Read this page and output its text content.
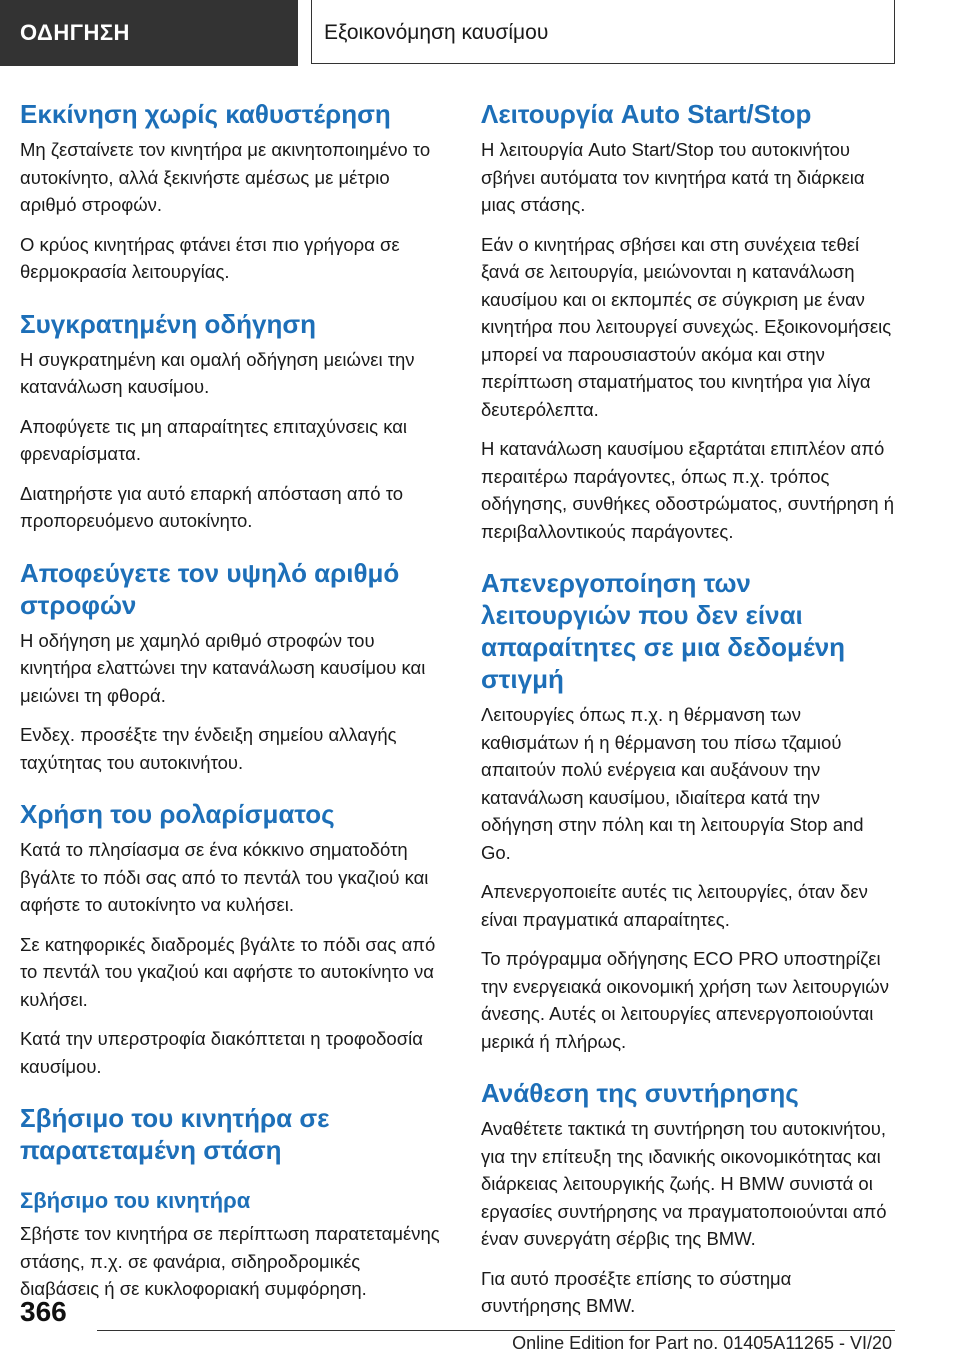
ΟΔΗΓΗΣΗ	Εξοικονόμηση καυσίμου
Εκκίνηση χωρίς καθυστέρηση

Μη ζεσταίνετε τον κινητήρα με ακινητοποιημένο το αυτοκίνητο, αλλά ξεκινήστε αμέσως με μέτριο αριθμό στροφών.

Ο κρύος κινητήρας φτάνει έτσι πιο γρήγορα σε θερμοκρασία λειτουργίας.

Συγκρατημένη οδήγηση

Η συγκρατημένη και ομαλή οδήγηση μειώνει την κατανάλωση καυσίμου.

Αποφύγετε τις μη απαραίτητες επιταχύνσεις και φρεναρίσματα.

Διατηρήστε για αυτό επαρκή απόσταση από το προπορευόμενο αυτοκίνητο.

Αποφεύγετε τον υψηλό αριθμό στροφών

Η οδήγηση με χαμηλό αριθμό στροφών του κινητήρα ελαττώνει την κατανάλωση καυσίμου και μειώνει τη φθορά.

Ενδεχ. προσέξτε την ένδειξη σημείου αλλαγής ταχύτητας του αυτοκινήτου.

Χρήση του ρολαρίσματος

Κατά το πλησίασμα σε ένα κόκκινο σηματοδότη βγάλτε το πόδι σας από το πεντάλ του γκαζιού και αφήστε το αυτοκίνητο να κυλήσει.

Σε κατηφορικές διαδρομές βγάλτε το πόδι σας από το πεντάλ του γκαζιού και αφήστε το αυτοκίνητο να κυλήσει.

Κατά την υπερστροφία διακόπτεται η τροφοδοσία καυσίμου.

Σβήσιμο του κινητήρα σε παρατεταμένη στάση
Σβήσιμο του κινητήρα

Σβήστε τον κινητήρα σε περίπτωση παρατεταμένης στάσης, π.χ. σε φανάρια, σιδηροδρομικές διαβάσεις ή σε κυκλοφοριακή συμφόρηση.

Λειτουργία Auto Start/Stop

Η λειτουργία Auto Start/Stop του αυτοκινήτου σβήνει αυτόματα τον κινητήρα κατά τη διάρκεια μιας στάσης.

Εάν ο κινητήρας σβήσει και στη συνέχεια τεθεί ξανά σε λειτουργία, μειώνονται η κατανάλωση καυσίμου και οι εκπομπές σε σύγκριση με έναν κινητήρα που λειτουργεί συνεχώς. Εξοικονομήσεις μπορεί να παρουσιαστούν ακόμα και στην περίπτωση σταματήματος του κινητήρα για λίγα δευτερόλεπτα.

Η κατανάλωση καυσίμου εξαρτάται επιπλέον από περαιτέρω παράγοντες, όπως π.χ. τρόπος οδήγησης, συνθήκες οδοστρώματος, συντήρηση ή περιβαλλοντικούς παράγοντες.

Απενεργοποίηση των λειτουργιών που δεν είναι απαραίτητες σε μια δεδομένη στιγμή

Λειτουργίες όπως π.χ. η θέρμανση των καθισμάτων ή η θέρμανση του πίσω τζαμιού απαιτούν πολύ ενέργεια και αυξάνουν την κατανάλωση καυσίμου, ιδιαίτερα κατά την οδήγηση στην πόλη και τη λειτουργία Stop and Go.

Απενεργοποιείτε αυτές τις λειτουργίες, όταν δεν είναι πραγματικά απαραίτητες.

Το πρόγραμμα οδήγησης ECO PRO υποστηρίζει την ενεργειακά οικονομική χρήση των λειτουργιών άνεσης. Αυτές οι λειτουργίες απενεργοποιούνται μερικά ή πλήρως.

Ανάθεση της συντήρησης

Αναθέτετε τακτικά τη συντήρηση του αυτοκινήτου, για την επίτευξη της ιδανικής οικονομικότητας και διάρκειας λειτουργικής ζωής. Η BMW συνιστά οι εργασίες συντήρησης να πραγματοποιούνται από έναν συνεργάτη σέρβις της BMW.

Για αυτό προσέξτε επίσης το σύστημα συντήρησης BMW.

366
Online Edition for Part no. 01405A11265 - VI/20
